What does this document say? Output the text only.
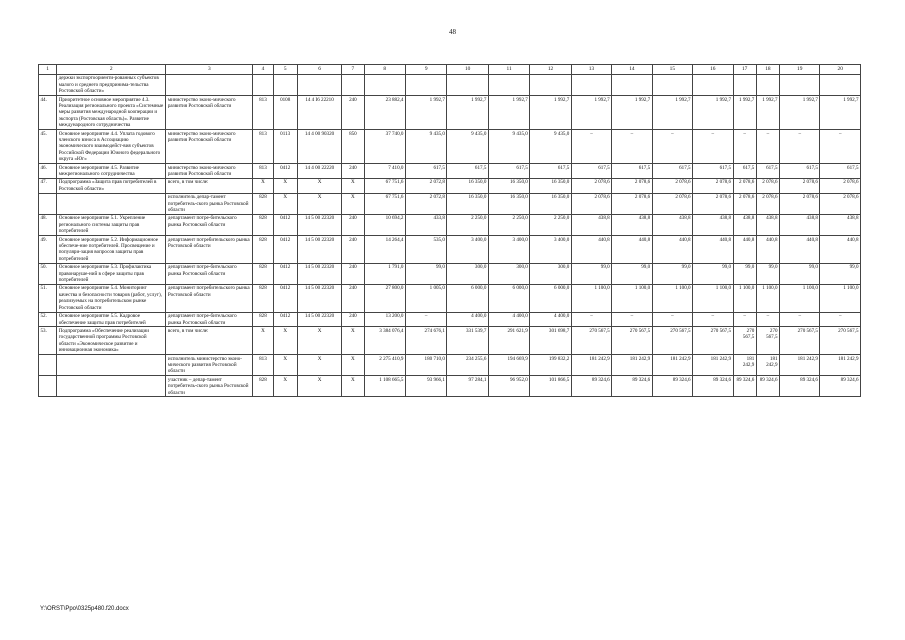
48
1	2	3	4	5	6	7	8	9	10	11	12	13	14	15	16	17	18	19	20
	держки экспортоориенти-рованных субъектов малого и среднего предпринима-тельства Ростовской области»																		
44.	Приоритетное основное мероприятие 4.3. Реализация регионального проекта «Системные меры развития международной кооперации и экспорта (Ростовская область)». Развитие международного сотрудничества	министерство эконо-мического развития Ростовской области	813	0108	14 4 I6 22210	240	23 882,4	1 992,7	1 992,7	1 992,7	1 992,7	1 992,7	1 992,7	1 992,7	1 992,7	1 992,7	1 992,7	1 992,7	1 992,7
45.	Основное мероприятие 4.4. Уплата годового членского взноса в Ассоциацию экономического взаимодейст-вия субъектов Российской Федерации Южного федерального округа «Юг»	министерство эконо-мического развития Ростовской области	813	0113	14 4 00 90320	850	37 740,0	9 435,0	9 435,0	9 435,0	9 435,0	–	–	–	–	–	–	–	–
46.	Основное мероприятие 4.5. Развитие межрегионального сотрудничества	министерство эконо-мического развития Ростовской области	813	0412	14 4 00 22220	240	7 410,0	617,5	617,5	617,5	617,5	617,5	617,5	617,5	617,5	617,5	617,5	617,5	617,5
47.	Подпрограмма «Защита прав потребителей в Ростовской области»	всего, в том числе:	X	X	X	X	67 751,6	2 072,8	16 350,0	16 350,0	16 350,0	2 078,6	2 078,6	2 078,6	2 078,6	2 078,6	2 078,6	2 078,6	2 078,6
		исполнитель депар-тамент потребитель-ского рынка Ростовской области	828	X	X	X	67 751,6	2 072,8	16 350,0	16 350,0	16 350,0	2 078,6	2 078,6	2 078,6	2 078,6	2 078,6	2 078,6	2 078,6	2 078,6
48.	Основное мероприятие 5.1. Укрепление регионального системы защиты прав потребителей	департамент потре-бительского рынка Ростовской области	828	0412	14 5 00 22320	240	10 694,2	433,8	2 250,0	2 250,0	2 250,0	438,8	438,8	438,8	438,8	438,8	438,8	438,8	438,8
49.	Основное мероприятие 5.2. Информационное обеспече-ние потребителей. Просвещение и популяри-зация вопросов защиты прав потребителей	департамент потребительского рынка Ростовской области	828	0412	14 5 00 22320	240	14 264,4	535,0	3 400,0	3 400,0	3 400,0	440,8	440,8	440,8	440,8	440,8	440,8	440,8	440,8
50.	Основное мероприятие 5.3. Профилактика правонаруше-ний в сфере защиты прав потребителей	департамент потре-бительского рынка Ростовской области	828	0412	14 5 00 22320	240	1 791,0	99,0	300,0	300,0	300,0	99,0	99,0	99,0	99,0	99,0	99,0	99,0	99,0
51.	Основное мероприятие 5.4. Мониторинг качества и безопасности товаров (работ, услуг), реализуемых на потребительском рынке Ростовской области	департамент потребительского рынка Ростовской области	828	0412	14 5 00 22320	240	27 800,0	1 005,0	6 000,0	6 000,0	6 000,0	1 100,0	1 100,0	1 100,0	1 100,0	1 100,0	1 100,0	1 100,0	1 100,0
52.	Основное мероприятие 5.5. Кадровое обеспечение защиты прав потребителей	департамент потре-бительского рынка Ростовской области	828	0412	14 5 00 22320	240	13 200,0	–	4 400,0	4 400,0	4 400,0	–	–	–	–	–	–	–	–
53.	Подпрограмма «Обеспечение реализации государственной программы Ростовской области «Экономическое развитие и инновационная экономика»	всего, в том числе:	X	X	X	X	3 384 076,4	274 676,1	331 539,7	291 621,9	301 698,7	270 567,5	270 567,5	270 567,5	270 567,5	270 567,5	270 567,5	270 567,5	270 567,5
		исполнитель министерство эконо-мического развития Ростовской области	813	X	X	X	2 275 410,9	180 710,0	234 255,6	194 669,9	199 832,2	181 242,9	181 242,9	181 242,9	181 242,9	181 242,9	181 242,9	181 242,9	181 242,9
		участник – депар-тамент потребитель-ского рынка Ростовской области	828	X	X	X	1 108 665,5	93 966,1	97 284,1	96 952,0	101 866,5	89 324,6	89 324,6	89 324,6	89 324,6	89 324,6	89 324,6	89 324,6	89 324,6
Y:\ORST\Ppo\0325p480.f20.docx
